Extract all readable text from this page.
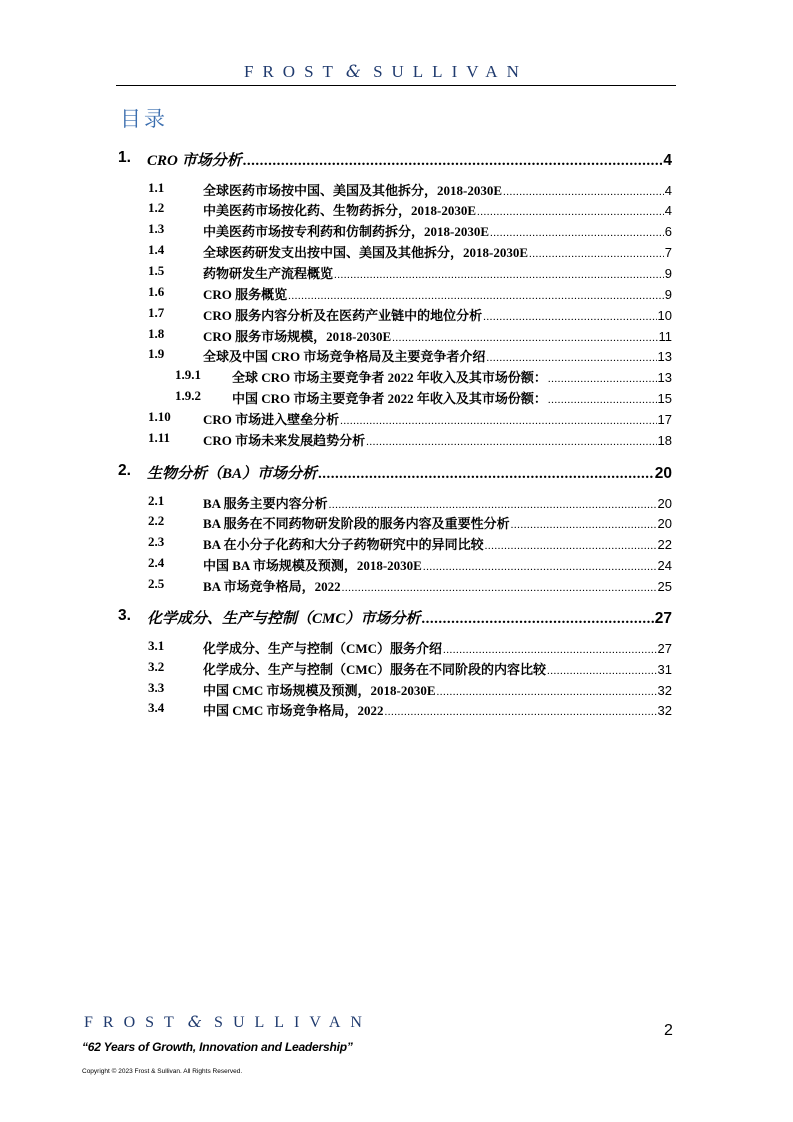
FROST & SULLIVAN
目录
1. CRO 市场分析 .....	4
1.1	全球医药市场按中国、美国及其他拆分，2018-2030E .....	4
1.2	中美医药市场按化药、生物药拆分，2018-2030E .....	4
1.3	中美医药市场按专利药和仿制药拆分，2018-2030E .....	6
1.4	全球医药研发支出按中国、美国及其他拆分，2018-2030E .....	7
1.5	药物研发生产流程概览 .....	9
1.6	CRO 服务概览 .....	9
1.7	CRO 服务内容分析及在医药产业链中的地位分析 .....	10
1.8	CRO 服务市场规模，2018-2030E .....	11
1.9	全球及中国 CRO 市场竞争格局及主要竞争者介绍 .....	13
1.9.1 全球 CRO 市场主要竞争者 2022 年收入及其市场份额： .....	13
1.9.2 中国 CRO 市场主要竞争者 2022 年收入及其市场份额： .....	15
1.10 CRO 市场进入壁垒分析 .....	17
1.11	CRO 市场未来发展趋势分析 .....	18
2. 生物分析（BA）市场分析 .....	20
2.1	BA 服务主要内容分析 .....	20
2.2	BA 服务在不同药物研发阶段的服务内容及重要性分析 .....	20
2.3	BA 在小分子化药和大分子药物研究中的异同比较 .....	22
2.4	中国 BA 市场规模及预测，2018-2030E .....	24
2.5	BA 市场竞争格局，2022 .....	25
3. 化学成分、生产与控制（CMC）市场分析 .....	27
3.1	化学成分、生产与控制（CMC）服务介绍 .....	27
3.2	化学成分、生产与控制（CMC）服务在不同阶段的内容比较 .....	31
3.3	中国 CMC 市场规模及预测，2018-2030E .....	32
3.4	中国 CMC 市场竞争格局，2022 .....	32
FROST & SULLIVAN	2
“62 Years of Growth, Innovation and Leadership”
Copyright © 2023 Frost & Sullivan. All Rights Reserved.
